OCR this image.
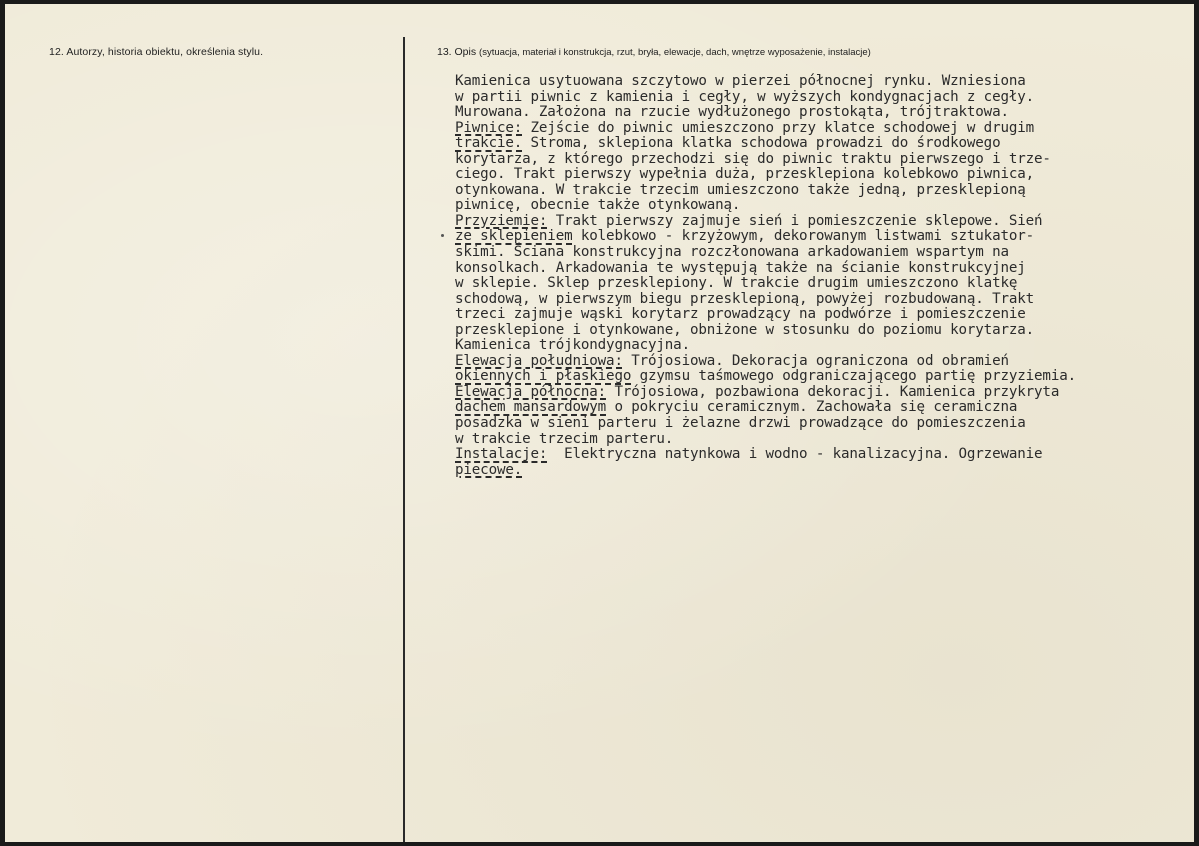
12. Autorzy, historia obiektu, określenia stylu.	13. Opis (sytuacja, materiał i konstrukcja, rzut, bryła, elewacje, dach, wnętrze wyposażenie, instalacje)
Kamienica usytuowana szczytowo w pierzei północnej rynku. Wzniesiona
w partii piwnic z kamienia i cegły, w wyższych kondygnacjach z cegły.
Murowana. Założona na rzucie wydłużonego prostokąta, trójtraktowa.
Piwnice: Zejście do piwnic umieszczono przy klatce schodowej w drugim
trakcie. Stroma, sklepiona klatka schodowa prowadzi do środkowego
korytarza, z którego przechodzi się do piwnic traktu pierwszego i trze-
ciego. Trakt pierwszy wypełnia duża, przesklepiona kolebkowo piwnica,
otynkowana. W trakcie trzecim umieszczono także jedną, przesklepioną
piwnicę, obecnie także otynkowaną.
Przyziemie: Trakt pierwszy zajmuje sień i pomieszczenie sklepowe. Sień
ze sklepieniem kolebkowo - krzyżowym, dekorowanym listwami sztukator-
skimi. Ściana konstrukcyjna rozczłonowana arkadowaniem wspartym na
konsolkach. Arkadowania te występują także na ścianie konstrukcyjnej
w sklepie. Sklep przesklepiony. W trakcie drugim umieszczono klatkę
schodową, w pierwszym biegu przesklepioną, powyżej rozbudowaną. Trakt
trzeci zajmuje wąski korytarz prowadzący na podwórze i pomieszczenie
przesklepione i otynkowane, obniżone w stosunku do poziomu korytarza.
Kamienica trójkondygnacyjna.
Elewacja południowa: Trójosiowa. Dekoracja ograniczona od obramień
okiennych i płaskiego gzymsu taśmowego odgraniczającego partię przyziemia.
Elewacja północna: Trójosiowa, pozbawiona dekoracji. Kamienica przykryta
dachem mansardowym o pokryciu ceramicznym. Zachowała się ceramiczna
posadzka w sieni parteru i żelazne drzwi prowadzące do pomieszczenia
w trakcie trzecim parteru.
Instalacje:  Elektryczna natynkowa i wodno - kanalizacyjna. Ogrzewanie
piecowe.
